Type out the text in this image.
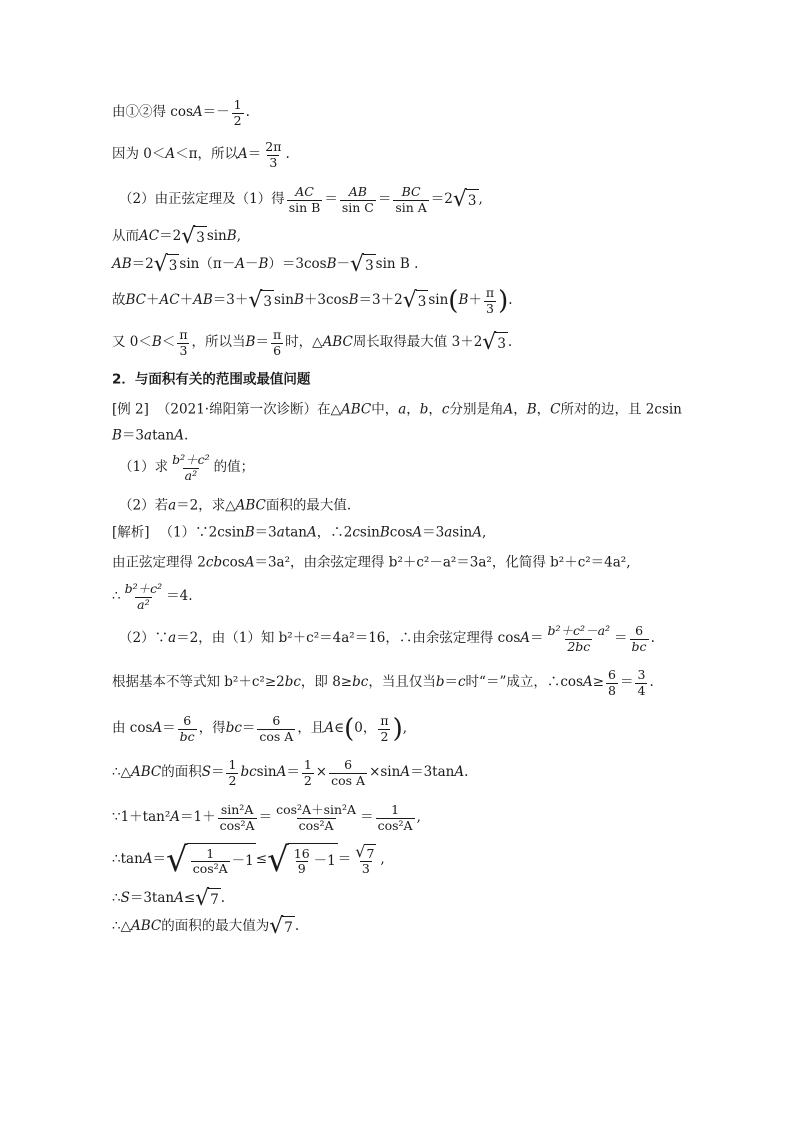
由①②得 $\cos A =- \frac{1}{2}$ .
因为 0＜ A ＜π，所以 $A = \frac{2\pi}{3}$ .
（2）由正弦定理及（1）得 $\frac{AC}{\text{sin B}} = \frac{AB}{\text{sin C}} = \frac{BC}{\text{sin A}} =2$ √ 3 ,
从而 AC ＝2 √ 3 sin B ,
AB ＝2 √ 3 sin（π－ A － B ）＝3cos B － √ 3 sin B .
故 BC ＋ AC ＋ AB ＝3＋ √ 3 sin B ＋3cos B ＝3＋2 √ 3 sin ( $B + \frac{\pi}{3}$ ) .
又 $0< B < \frac{\pi}{3}$ ，所以当 $B = \frac{\pi}{6}$ 时，△ ABC 周长取得最大值 3＋2 √ 3 .
2．与面积有关的范围或最值问题
[例 2] （2021·绵阳第一次诊断）在△ ABC 中， a ， b ， c 分别是角 A ， B ， C 所对的边，且 2csin
B ＝3 a tan A .
（1）求 $\frac{\text{b²＋c²}}{\text{a²}}$ 的值；
（2）若 a ＝2，求△ ABC 面积的最大值.
[解析] （1）∵2csin B ＝3 a tan A ，∴2 c sin B cos A ＝3 a sin A ,
由正弦定理得 2 cb cos A ＝3a²，由余弦定理得 b²＋c²－a²＝3a²，化简得 b²＋c²＝4a²,
∴ $\frac{\text{b²＋c²}}{\text{a²}} =4$.
（2）∵ a ＝2，由（1）知 b²＋c²＝4a²＝16，∴由余弦定理得 $\cos A = \frac{\text{b²＋c²－a²}}{2bc} = \frac{6}{bc}$ .
根据基本不等式知 b²＋c²≥2 bc ，即 8≥ bc ，当且仅当 b ＝ c 时“＝”成立，∴cos $A \ge \frac{6}{8} = \frac{3}{4}$ .
由 $\cos A = \frac{6}{bc}$ ，得 bc ＝ $\frac{6}{\text{cos A}}$ ，且 A ∈ ( 0， $\frac{\pi}{2}$ ) ,
∴△ ABC 的面积 $S = \frac{1}{2}$ bc $\sin A = \frac{1}{2} \times \frac{6}{\text{cos A}} \times\sin$ A ＝3tan A .
∵1＋tan² $A =1+ \frac{\text{sin²A}}{\text{cos²A}} = \frac{\text{cos²A＋sin²A}}{\text{cos²A}} = \frac{1}{\text{cos²A}}$ ,
∴tan A ＝ √ $\frac{1}{\text{cos²A}} -1$ ≤ √ $\frac{16}{9} -1 = \frac{√ 7}{3}$ ,
∴ S ＝3tan A ≤ √ 7 .
∴△ ABC 的面积的最大值为 √ 7 .
